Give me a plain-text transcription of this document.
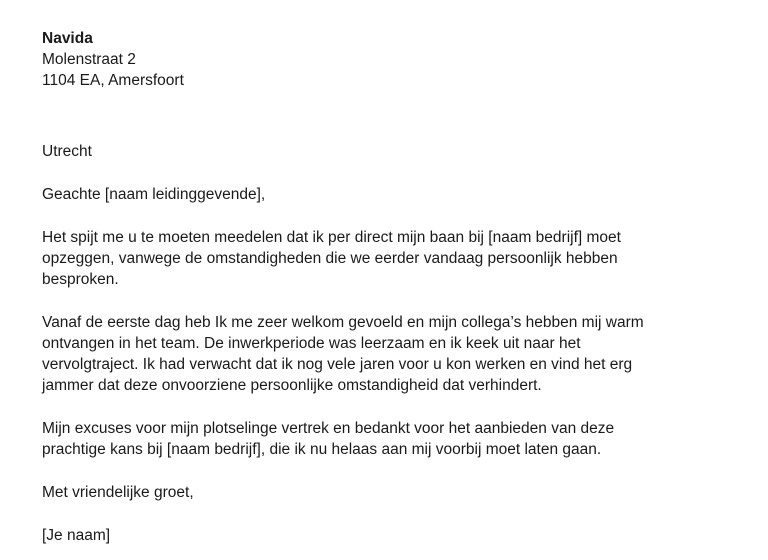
Navida
Molenstraat 2
1104 EA, Amersfoort
Utrecht
Geachte [naam leidinggevende],
Het spijt me u te moeten meedelen dat ik per direct mijn baan bij [naam bedrijf] moet
opzeggen, vanwege de omstandigheden die we eerder vandaag persoonlijk hebben
besproken.
Vanaf de eerste dag heb Ik me zeer welkom gevoeld en mijn collega’s hebben mij warm
ontvangen in het team. De inwerkperiode was leerzaam en ik keek uit naar het
vervolgtraject. Ik had verwacht dat ik nog vele jaren voor u kon werken en vind het erg
jammer dat deze onvoorziene persoonlijke omstandigheid dat verhindert.
Mijn excuses voor mijn plotselinge vertrek en bedankt voor het aanbieden van deze
prachtige kans bij [naam bedrijf], die ik nu helaas aan mij voorbij moet laten gaan.
Met vriendelijke groet,
[Je naam]
